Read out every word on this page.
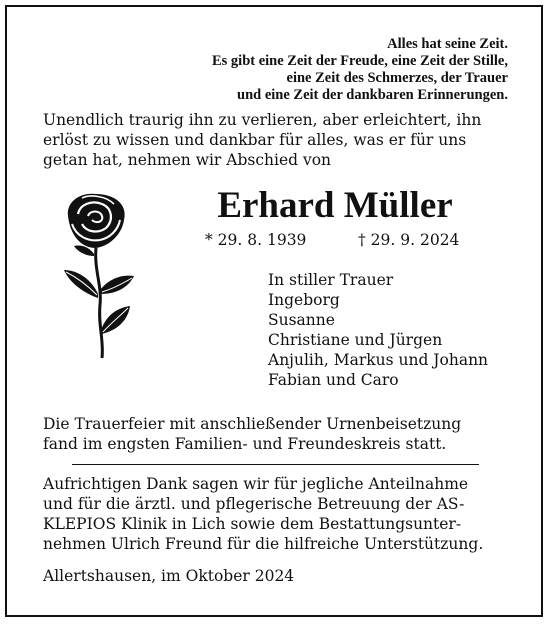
Alles hat seine Zeit.
Es gibt eine Zeit der Freude, eine Zeit der Stille,
eine Zeit des Schmerzes, der Trauer
und eine Zeit der dankbaren Erinnerungen.
Unendlich traurig ihn zu verlieren, aber erleichtert, ihn
erlöst zu wissen und dankbar für alles, was er für uns
getan hat, nehmen wir Abschied von
Erhard Müller
* 29. 8. 1939	† 29. 9. 2024
In stiller Trauer
Ingeborg
Susanne
Christiane und Jürgen
Anjulih, Markus und Johann
Fabian und Caro
Die Trauerfeier mit anschließender Urnenbeisetzung
fand im engsten Familien- und Freundeskreis statt.
Aufrichtigen Dank sagen wir für jegliche Anteilnahme
und für die ärztl. und pflegerische Betreuung der AS-
KLEPIOS Klinik in Lich sowie dem Bestattungsunter-
nehmen Ulrich Freund für die hilfreiche Unterstützung.
Allertshausen, im Oktober 2024
